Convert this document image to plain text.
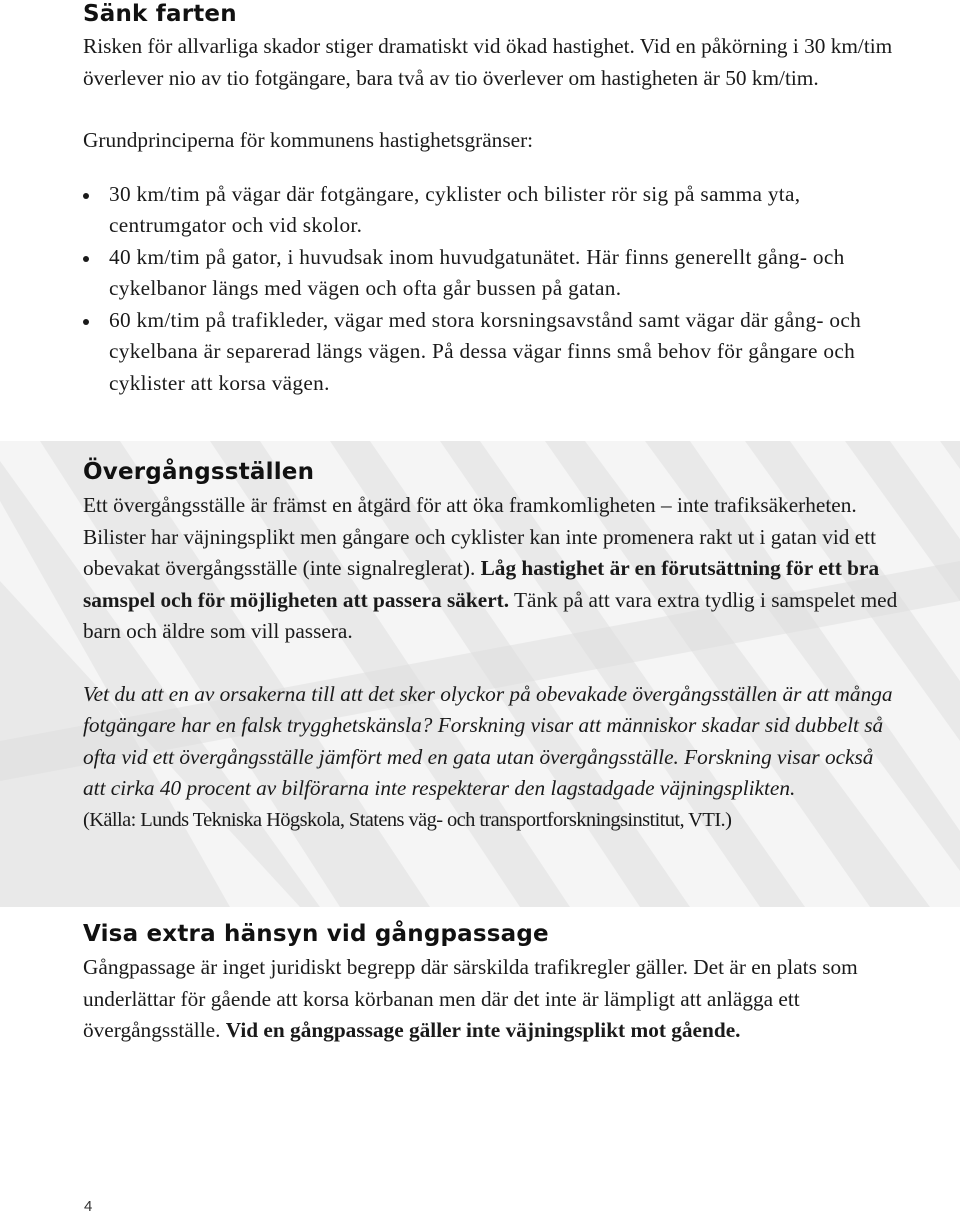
Sänk farten

Risken för allvarliga skador stiger dramatiskt vid ökad hastighet. Vid en påkörning i 30 km/tim överlever nio av tio fotgängare, bara två av tio överlever om hastigheten är 50 km/tim.

Grundprinciperna för kommunens hastighetsgränser:

30 km/tim på vägar där fotgängare, cyklister och bilister rör sig på samma yta, centrumgator och vid skolor.
40 km/tim på gator, i huvudsak inom huvudgatunätet. Här finns generellt gång- och cykelbanor längs med vägen och ofta går bussen på gatan.
60 km/tim på trafikleder, vägar med stora korsningsavstånd samt vägar där gång- och cykelbana är separerad längs vägen. På dessa vägar finns små behov för gångare och cyklister att korsa vägen.
Övergångsställen

Ett övergångsställe är främst en åtgärd för att öka framkomligheten – inte trafiksäkerheten. Bilister har väjningsplikt men gångare och cyklister kan inte promenera rakt ut i gatan vid ett obevakat övergångsställe (inte signalreglerat). Låg hastighet är en förutsättning för ett bra samspel och för möjligheten att passera säkert. Tänk på att vara extra tydlig i samspelet med barn och äldre som vill passera.

Vet du att en av orsakerna till att det sker olyckor på obevakade övergångsställen är att många fotgängare har en falsk trygghetskänsla? Forskning visar att människor skadar sid dubbelt så ofta vid ett övergångsställe jämfört med en gata utan övergångsställe. Forskning visar också att cirka 40 procent av bilförarna inte respekterar den lagstadgade väjningsplikten.

(Källa: Lunds Tekniska Högskola, Statens väg- och transportforskningsinstitut, VTI.)

Visa extra hänsyn vid gångpassage

Gångpassage är inget juridiskt begrepp där särskilda trafikregler gäller. Det är en plats som underlättar för gående att korsa körbanan men där det inte är lämpligt att anlägga ett övergångsställe. Vid en gångpassage gäller inte väjningsplikt mot gående.

4
